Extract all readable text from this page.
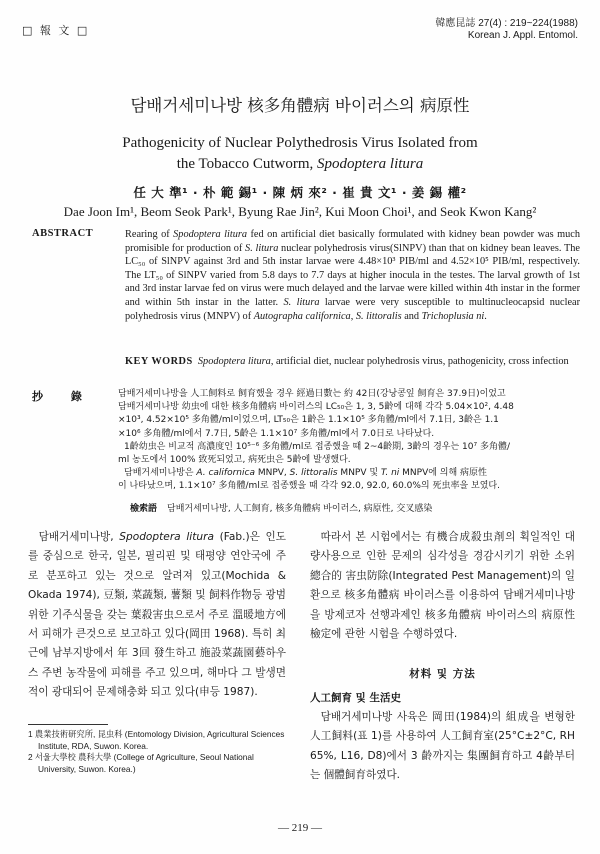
□ 報 文 □
韓應昆誌 27(4) : 219~224(1988)
Korean J. Appl. Entomol.
담배거세미나방 核多角體病 바이러스의 病原性
Pathogenicity of Nuclear Polythedrosis Virus Isolated from
the Tobacco Cutworm, Spodoptera litura
任 大 準¹ · 朴 範 錫¹ · 陳 炳 來² · 崔 貴 文¹ · 姜 錫 權²
Dae Joon Im¹, Beom Seok Park¹, Byung Rae Jin², Kui Moon Choi¹, and Seok Kwon Kang²
ABSTRACT	Rearing of Spodoptera litura fed on artificial diet basically formulated with kidney bean powder was much promisible for production of S. litura nuclear polyhedrosis virus(SlNPV) than that on kidney bean leaves. The LC₅₀ of SlNPV against 3rd and 5th instar larvae were 4.48×10³ PIB/ml and 4.52×10⁵ PIB/ml, respectively. The LT₅₀ of SlNPV varied from 5.8 days to 7.7 days at higher inocula in the testes. The larval growth of 1st and 3rd instar larvae fed on virus were much delayed and the larvae were killed within 4th instar in the former and within 5th instar in the latter. S. litura larvae were very susceptible to multinucleocapsid nuclear polyhedrosis virus (MNPV) of Autographa californica, S. littoralis and Trichoplusia ni.
KEY WORDS Spodoptera litura, artificial diet, nuclear polyhedrosis virus, pathogenicity, cross infection
抄 錄	담배거세미나방을 人工飼料로 飼育했을 경우 經過日數는 約 42日(강낭콩잎 飼育은 37.9日)이었고
담배거세미나방 幼虫에 대한 核多角體病 바이러스의 LC₅₀은 1, 3, 5齡에 대해 각각 5.04×10², 4.48
×10³, 4.52×10⁵ 多角體/ml이었으며, LT₅₀은 1齡은 1.1×10⁵ 多角體/ml에서 7.1日, 3齡은 1.1
×10⁶ 多角體/ml에서 7.7日, 5齡은 1.1×10⁷ 多角體/ml에서 7.0日로 나타났다.
1齡幼虫은 비교적 高濃度인 10⁵⁻⁶ 多角體/ml로 접종했을 때 2~4齡期, 3齡의 경우는 10⁷ 多角體/
ml 농도에서 100% 致死되었고, 病死虫은 5齡에 발생했다.
담배거세미나방은 A. californica MNPV, S. littoralis MNPV 및 T. ni MNPV에 의해 病原性
이 나타났으며, 1.1×10⁷ 多角體/ml로 접종했을 때 각각 92.0, 92.0, 60.0%의 死虫率을 보였다.
檢索語 담배거세미나방, 人工飼育, 核多角體病 바이러스, 病原性, 交叉感染

담배거세미나방, Spodoptera litura (Fab.)은 인도를 중심으로 한국, 일본, 필리핀 및 태평양 연안국에 주로 분포하고 있는 것으로 알려져 있고(Mochida & Okada 1974), 豆類, 菜蔬類, 薯類 및 飼料作物등 광범위한 기주식물을 갖는 葉殺害虫으로서 주로 溫暖地方에서 피해가 큰것으로 보고하고 있다(岡田 1968). 특히 최근에 남부지방에서 年 3回 發生하고 施設菜蔬園藝하우스 주변 농작물에 피해를 주고 있으며, 해마다 그 발생면적이 광대되어 문제해충화 되고 있다(申등 1987).

1 農業技術研究所, 昆虫科 (Entomology Division, Agricultural Sciences Institute, RDA, Suwon. Korea.
2 서울大學校 農科大學 (College of Agriculture, Seoul National University, Suwon. Korea.)

따라서 본 시험에서는 有機合成殺虫剤의 획일적인 대량사용으로 인한 문제의 심각성을 경감시키기 위한 소위 總合的 害虫防除(Integrated Pest Management)의 일환으로 核多角體病 바이러스를 이용하여 담배거세미나방을 방제코자 선행과제인 核多角體病 바이러스의 病原性 檢定에 관한 시험을 수행하였다.

材料 및 方法
人工飼育 및 生活史

담배거세미나방 사육은 岡田(1984)의 組成을 변형한 人工飼料(표 1)를 사용하여 人工飼育室(25°C±2°C, RH 65%, L16, D8)에서 3 齡까지는 集團飼育하고 4齡부터는 個體飼育하였다.

— 219 —
